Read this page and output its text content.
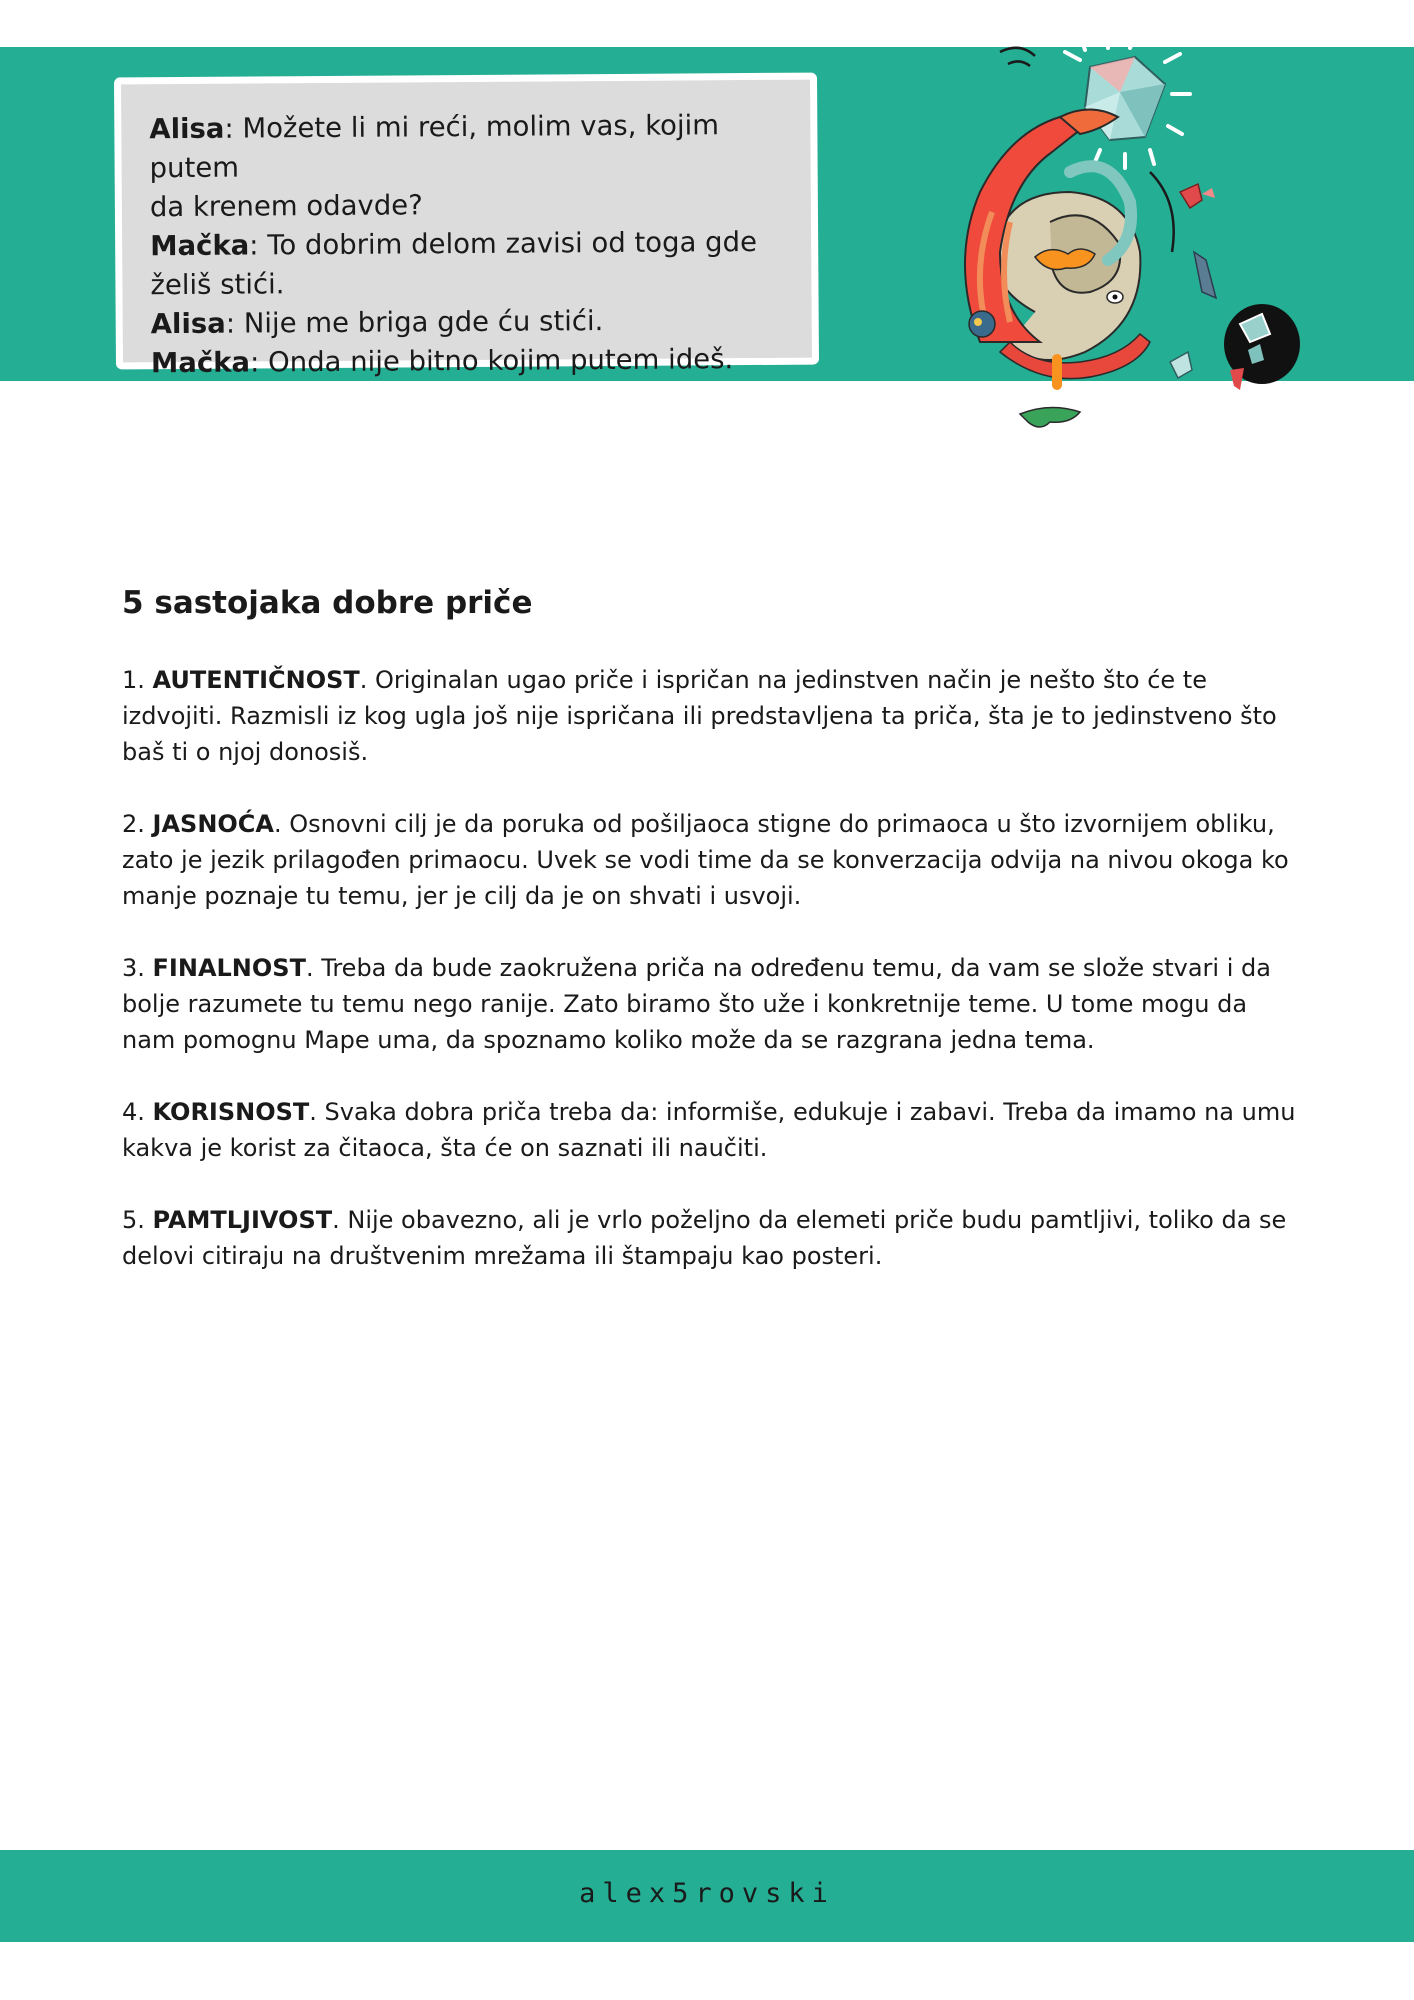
Alisa: Možete li mi reći, molim vas, kojim putem

da krenem odavde?

Mačka: To dobrim delom zavisi od toga gde

želiš stići.

Alisa: Nije me briga gde ću stići.

Mačka: Onda nije bitno kojim putem ideš.

5 sastojaka dobre priče

1. AUTENTIČNOST. Originalan ugao priče i ispričan na jedinstven način je nešto što će te izdvojiti. Razmisli iz kog ugla još nije ispričana ili predstavljena ta priča, šta je to jedinstveno što baš ti o njoj donosiš.

2. JASNOĆA. Osnovni cilj je da poruka od pošiljaoca stigne do primaoca u što izvornijem obliku, zato je jezik prilagođen primaocu. Uvek se vodi time da se konverzacija odvija na nivou okoga ko manje poznaje tu temu, jer je cilj da je on shvati i usvoji.

3. FINALNOST. Treba da bude zaokružena priča na određenu temu, da vam se slože stvari i da bolje razumete tu temu nego ranije. Zato biramo što uže i konkretnije teme. U tome mogu da nam pomognu Mape uma, da spoznamo koliko može da se razgrana jedna tema.

4. KORISNOST. Svaka dobra priča treba da: informiše, edukuje i zabavi. Treba da imamo na umu kakva je korist za čitaoca, šta će on saznati ili naučiti.

5. PAMTLJIVOST. Nije obavezno, ali je vrlo poželjno da elemeti priče budu pamtljivi, toliko da se delovi citiraju na društvenim mrežama ili štampaju kao posteri.

alex5rovski
